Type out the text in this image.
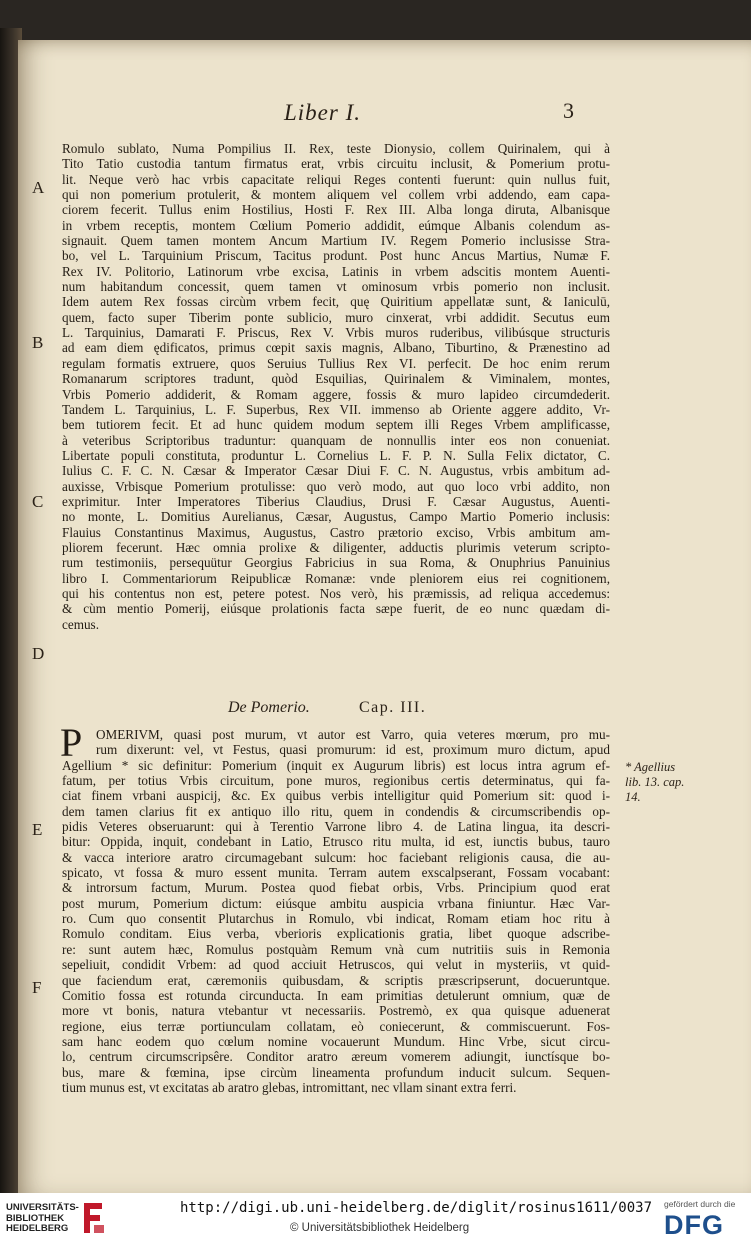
Liber I.	3
A
B
C
D
E
F
Romulo sublato, Numa Pompilius II. Rex, teste Dionysio, collem Quirinalem, qui à
Tito Tatio custodia tantum firmatus erat, vrbis circuitu inclusit, & Pomerium protu-
lit. Neque verò hac vrbis capacitate reliqui Reges contenti fuerunt: quin nullus fuit,
qui non pomerium protulerit, & montem aliquem vel collem vrbi addendo, eam capa-
ciorem fecerit. Tullus enim Hostilius, Hosti F. Rex III. Alba longa diruta, Albanisque
in vrbem receptis, montem Cœlium Pomerio addidit, eúmque Albanis colendum as-
signauit. Quem tamen montem Ancum Martium IV. Regem Pomerio inclusisse Stra-
bo, vel L. Tarquinium Priscum, Tacitus produnt. Post hunc Ancus Martius, Numæ F.
Rex IV. Politorio, Latinorum vrbe excisa, Latinis in vrbem adscitis montem Auenti-
num habitandum concessit, quem tamen vt ominosum vrbis pomerio non inclusit.
Idem autem Rex fossas circùm vrbem fecit, quę Quiritium appellatæ sunt, & Ianiculū,
quem, facto super Tiberim ponte sublicio, muro cinxerat, vrbi addidit. Secutus eum
L. Tarquinius, Damarati F. Priscus, Rex V. Vrbis muros ruderibus, vilibúsque structuris
ad eam diem ędificatos, primus cœpit saxis magnis, Albano, Tiburtino, & Prænestino ad
regulam formatis extruere, quos Seruius Tullius Rex VI. perfecit. De hoc enim rerum
Romanarum scriptores tradunt, quòd Esquilias, Quirinalem & Viminalem, montes,
Vrbis Pomerio addiderit, & Romam aggere, fossis & muro lapideo circumdederit.
Tandem L. Tarquinius, L. F. Superbus, Rex VII. immenso ab Oriente aggere addito, Vr-
bem tutiorem fecit. Et ad hunc quidem modum septem illi Reges Vrbem amplificasse,
à veteribus Scriptoribus traduntur: quanquam de nonnullis inter eos non conueniat.
Libertate populi constituta, produntur L. Cornelius L. F. P. N. Sulla Felix dictator, C.
Iulius C. F. C. N. Cæsar & Imperator Cæsar Diui F. C. N. Augustus, vrbis ambitum ad-
auxisse, Vrbisque Pomerium protulisse: quo verò modo, aut quo loco vrbi addito, non
exprimitur. Inter Imperatores Tiberius Claudius, Drusi F. Cæsar Augustus, Auenti-
no monte, L. Domitius Aurelianus, Cæsar, Augustus, Campo Martio Pomerio inclusis:
Flauius Constantinus Maximus, Augustus, Castro prætorio exciso, Vrbis ambitum am-
pliorem fecerunt. Hæc omnia prolixe & diligenter, adductis plurimis veterum scripto-
rum testimoniis, persequütur Georgius Fabricius in sua Roma, & Onuphrius Panuinius
libro I. Commentariorum Reipublicæ Romanæ: vnde pleniorem eius rei cognitionem,
qui his contentus non est, petere potest. Nos verò, his præmissis, ad reliqua accedemus:
& cùm mentio Pomerij, eiúsque prolationis facta sæpe fuerit, de eo nunc quædam di-
cemus.
De Pomerio.	Cap. III.
P	OMERIVM, quasi post murum, vt autor est Varro, quia veteres mœrum, pro mu-
rum dixerunt: vel, vt Festus, quasi promurum: id est, proximum muro dictum, apud
Agellium * sic definitur: Pomerium (inquit ex Augurum libris) est locus intra agrum ef-
fatum, per totius Vrbis circuitum, pone muros, regionibus certis determinatus, qui fa-
ciat finem vrbani auspicij, &c. Ex quibus verbis intelligitur quid Pomerium sit: quod i-
dem tamen clarius fit ex antiquo illo ritu, quem in condendis & circumscribendis op-
pidis Veteres obseruarunt: qui à Terentio Varrone libro 4. de Latina lingua, ita descri-
bitur: Oppida, inquit, condebant in Latio, Etrusco ritu multa, id est, iunctis bubus, tauro
& vacca interiore aratro circumagebant sulcum: hoc faciebant religionis causa, die au-
spicato, vt fossa & muro essent munita. Terram autem exscalpserant, Fossam vocabant:
& introrsum factum, Murum. Postea quod fiebat orbis, Vrbs. Principium quod erat
post murum, Pomerium dictum: eiúsque ambitu auspicia vrbana finiuntur. Hæc Var-
ro. Cum quo consentit Plutarchus in Romulo, vbi indicat, Romam etiam hoc ritu à
Romulo conditam. Eius verba, vberioris explicationis gratia, libet quoque adscribe-
re: sunt autem hæc, Romulus postquàm Remum vnà cum nutritiis suis in Remonia
sepeliuit, condidit Vrbem: ad quod acciuit Hetruscos, qui velut in mysteriis, vt quid-
que faciendum erat, cæremoniis quibusdam, & scriptis præscripserunt, docueruntque.
Comitio fossa est rotunda circunducta. In eam primitias detulerunt omnium, quæ de
more vt bonis, natura vtebantur vt necessariis. Postremò, ex qua quisque aduenerat
regione, eius terræ portiunculam collatam, eò coniecerunt, & commiscuerunt. Fos-
sam hanc eodem quo cœlum nomine vocauerunt Mundum. Hinc Vrbe, sicut circu-
lo, centrum circumscripsêre. Conditor aratro æreum vomerem adiungit, iunctísque bo-
bus, mare & fœmina, ipse circùm lineamenta profundum inducit sulcum. Sequen-
tium munus est, vt excitatas ab aratro glebas, intromittant, nec vllam sinant extra ferri.
* Agellius
lib. 13. cap.
14.
UNIVERSITÄTS-
BIBLIOTHEK
HEIDELBERG
http://digi.ub.uni-heidelberg.de/diglit/rosinus1611/0037
© Universitätsbibliothek Heidelberg
gefördert durch die
DFG
